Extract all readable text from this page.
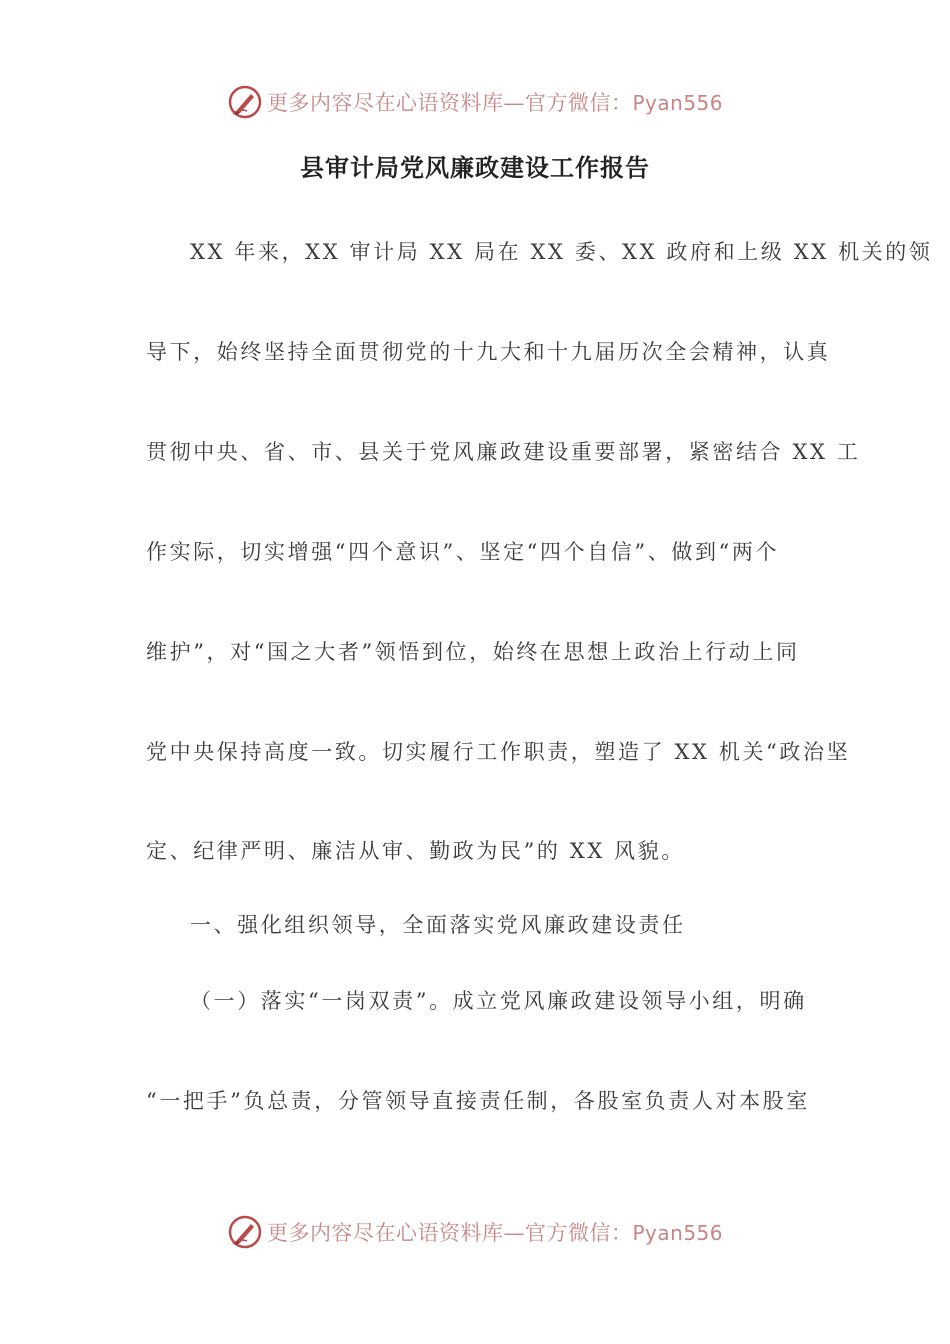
更多内容尽在心语资料库—官方微信：Pyan556
县审计局党风廉政建设工作报告

XX 年来，XX 审计局 XX 局在 XX 委、XX 政府和上级 XX 机关的领

导下，始终坚持全面贯彻党的十九大和十九届历次全会精神，认真

贯彻中央、省、市、县关于党风廉政建设重要部署，紧密结合 XX 工

作实际，切实增强“四个意识”、坚定“四个自信”、做到“两个

维护”，对“国之大者”领悟到位，始终在思想上政治上行动上同

党中央保持高度一致。切实履行工作职责，塑造了 XX 机关“政治坚

定、纪律严明、廉洁从审、勤政为民”的 XX 风貌。

一、强化组织领导，全面落实党风廉政建设责任

（一）落实“一岗双责”。成立党风廉政建设领导小组，明确

“一把手”负总责，分管领导直接责任制，各股室负责人对本股室

更多内容尽在心语资料库—官方微信：Pyan556
